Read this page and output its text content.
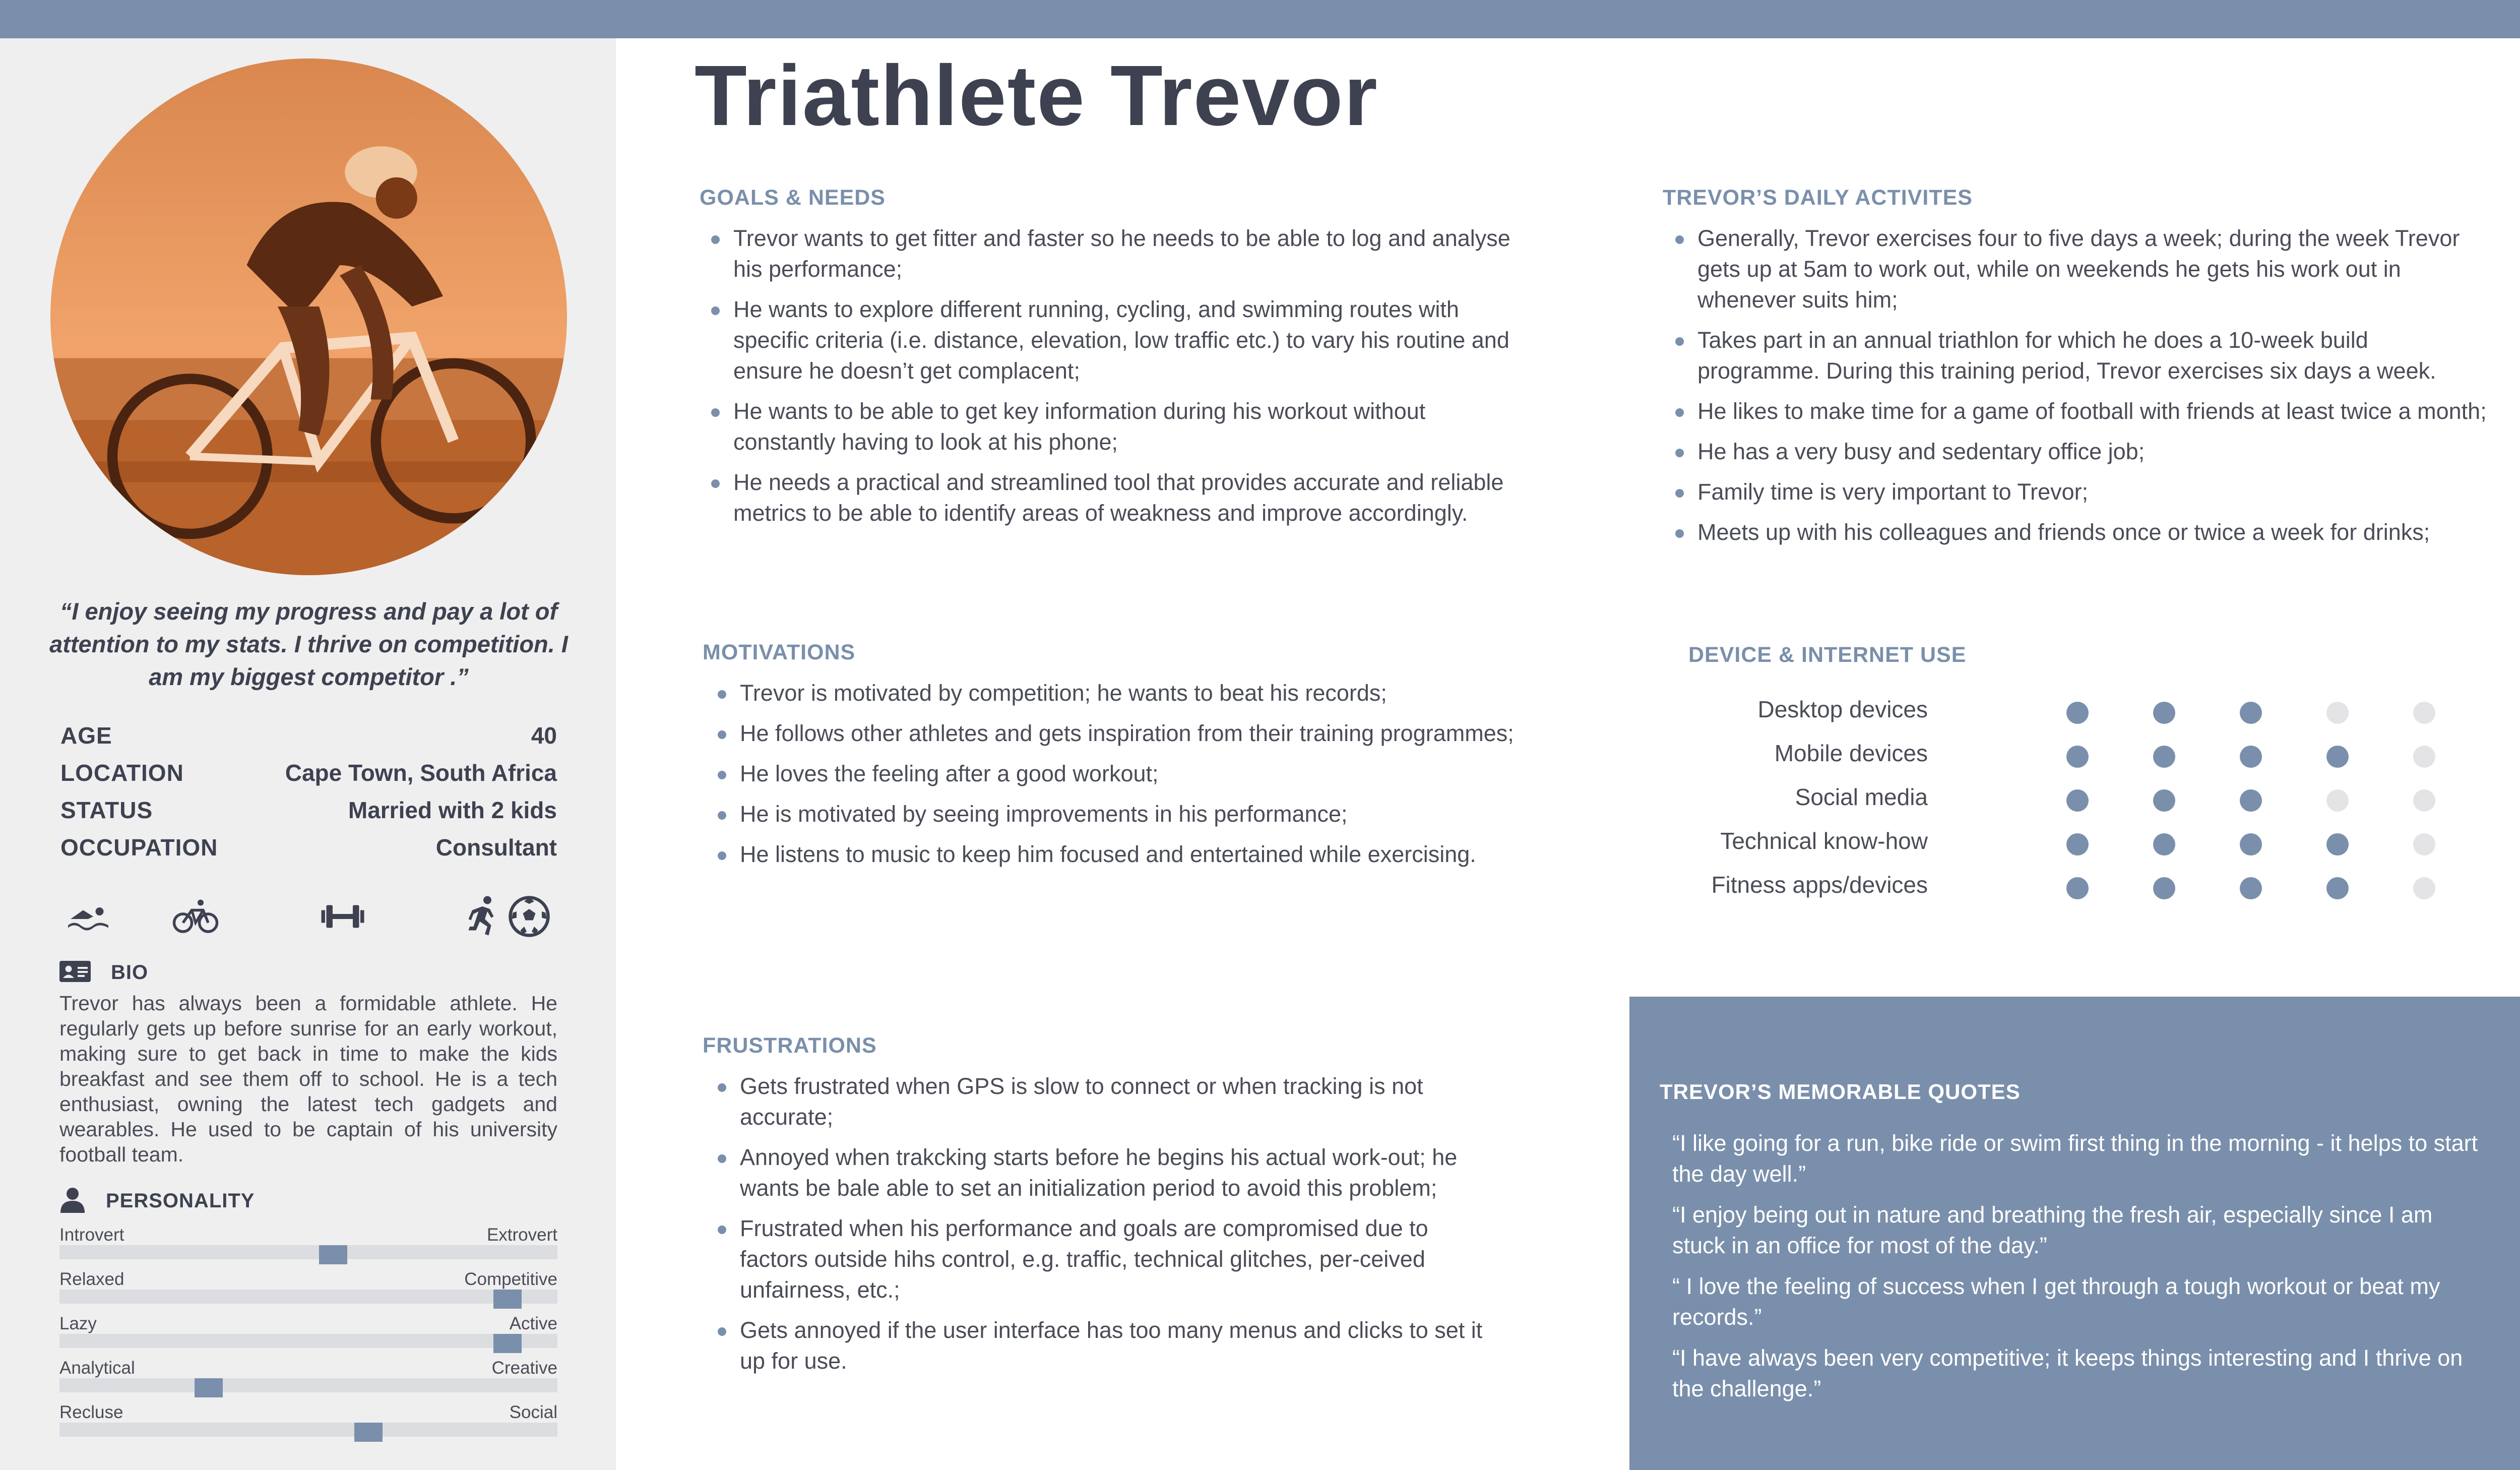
“I enjoy seeing my progress and pay a lot of attention to my stats. I thrive on competition. I am my biggest competitor .”
AGE	40
LOCATION	Cape Town, South Africa
STATUS	Married with 2 kids
OCCUPATION	Consultant
BIO
Trevor has always been a formidable athlete. He regularly gets up before sunrise for an early workout, making sure to get back in time to make the kids breakfast and see them off to school. He is a tech enthusiast, owning the latest tech gadgets and wearables. He used to be captain of his university football team.
PERSONALITY
Introvert	Extrovert
Relaxed	Competitive
Lazy	Active
Analytical	Creative
Recluse	Social
Triathlete Trevor
GOALS & NEEDS
Trevor wants to get fitter and faster so he needs to be able to log and analyse his performance;
He wants to explore different running, cycling, and swimming routes with specific criteria (i.e. distance, elevation, low traffic etc.) to vary his routine and ensure he doesn’t get complacent;
He wants to be able to get key information during his workout without constantly having to look at his phone;
He needs a practical and streamlined tool that provides accurate and reliable metrics to be able to identify areas of weakness and improve accordingly.
MOTIVATIONS
Trevor is motivated by competition; he wants to beat his records;
He follows other athletes and gets inspiration from their training programmes;
He loves the feeling after a good workout;
He is motivated by seeing improvements in his performance;
He listens to music to keep him focused and entertained while exercising.
FRUSTRATIONS
Gets frustrated when GPS is slow to connect or when tracking is not accurate;
Annoyed when trakcking starts before he begins his actual work-out; he wants be bale able to set an initialization period to avoid this problem;
Frustrated when his performance and goals are compromised due to factors outside hihs control, e.g. traffic, technical glitches, per-ceived unfairness, etc.;
Gets annoyed if the user interface has too many menus and clicks to set it up for use.
TREVOR’S DAILY ACTIVITES
Generally, Trevor exercises four to five days a week; during the week Trevor gets up at 5am to work out, while on weekends he gets his work out in whenever suits him;
Takes part in an annual triathlon for which he does a 10-week build programme. During this training period, Trevor exercises six days a week.
He likes to make time for a game of football with friends at least twice a month;
He has a very busy and sedentary office job;
Family time is very important to Trevor;
Meets up with his colleagues and friends once or twice a week for drinks;
DEVICE & INTERNET USE
Desktop devices
Mobile devices
Social media
Technical know-how
Fitness apps/devices
TREVOR’S MEMORABLE QUOTES
“I like going for a run, bike ride or swim first thing in the morning - it helps to start the day well.”
“I enjoy being out in nature and breathing the fresh air, especially since I am stuck in an office for most of the day.”
“ I love the feeling of success when I get through a tough workout or beat my records.”
“I have always been very competitive; it keeps things interesting and I thrive on the challenge.”
